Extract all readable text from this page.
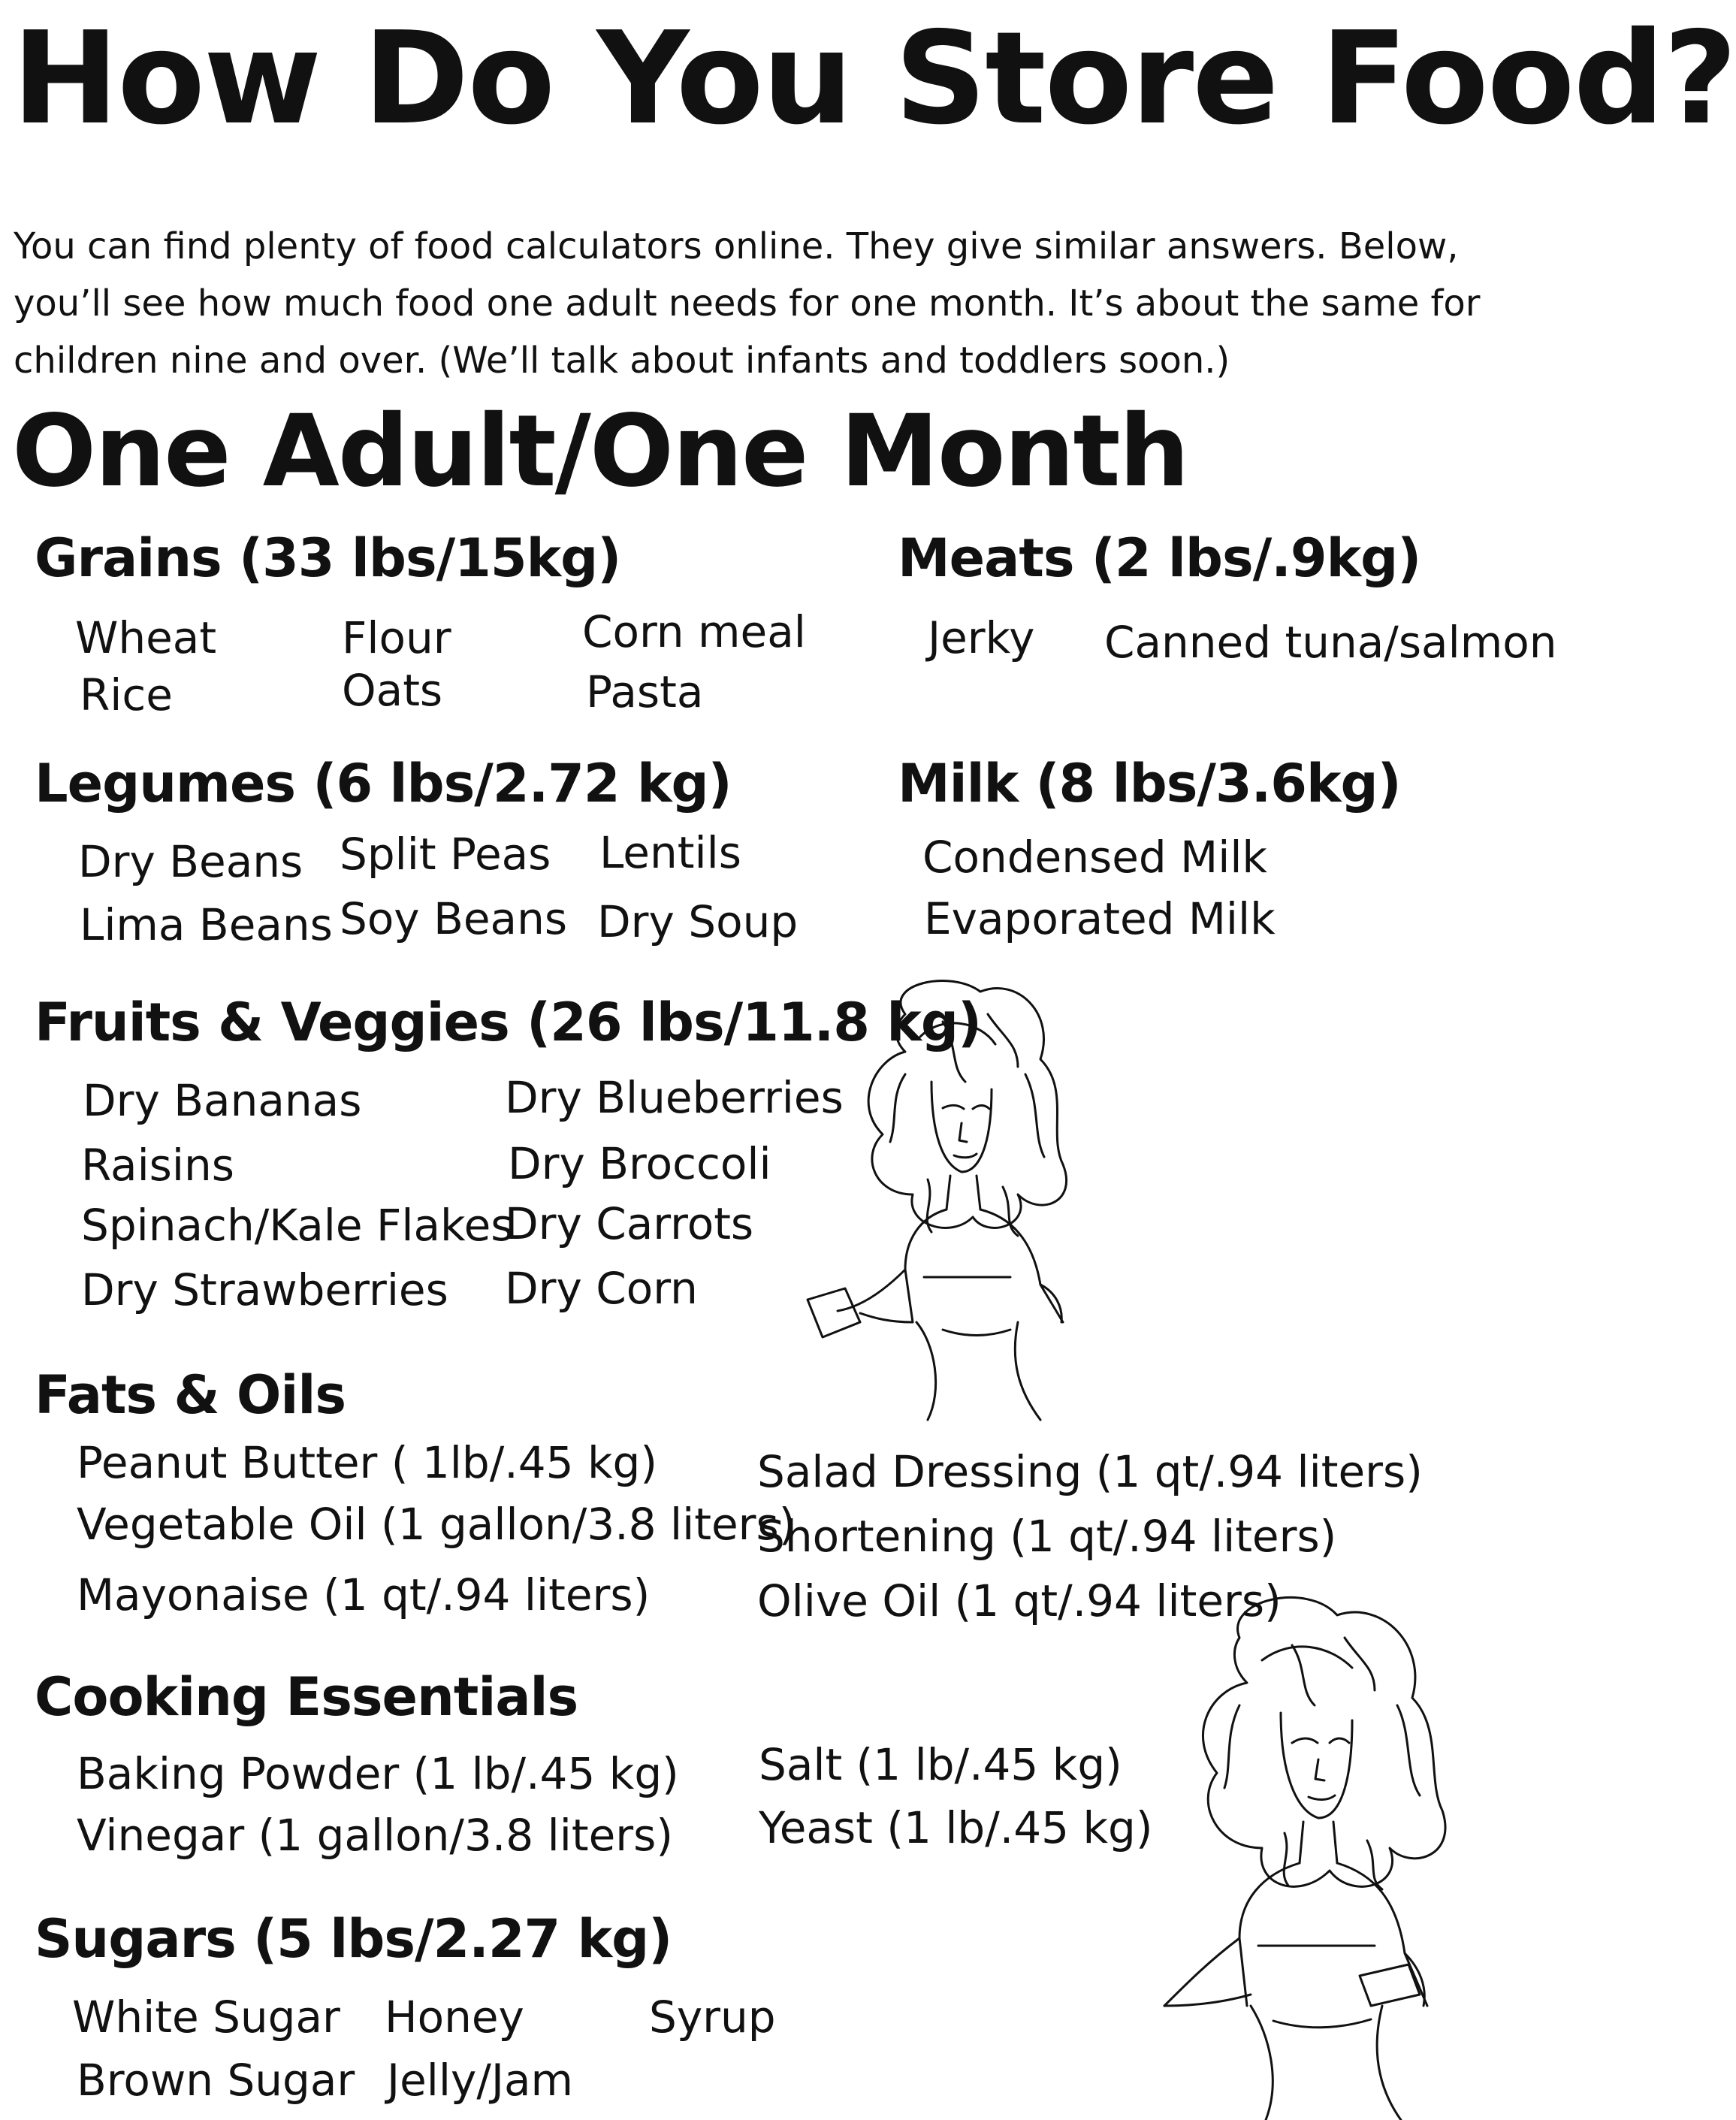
How Do You Store Food?
You can find plenty of food calculators online. They give similar answers. Below, you’ll see how much food one adult needs for one month. It’s about the same for children nine and over. (We’ll talk about infants and toddlers soon.)
One Adult/One Month
Grains (33 lbs/15kg)
Wheat
Rice
Flour
Oats
Corn meal
Pasta
Meats (2 lbs/.9kg)
Jerky Canned tuna/salmon
Legumes (6 lbs/2.72 kg)
Dry Beans
Lima Beans
Split Peas
Soy Beans
Lentils
Dry Soup
Milk (8 lbs/3.6kg)
Condensed Milk
Evaporated Milk
Fruits & Veggies (26 lbs/11.8 kg)
Dry Bananas
Raisins
Spinach/Kale Flakes
Dry Strawberries
Dry Blueberries
Dry Broccoli
Dry Carrots
Dry Corn
Fats & Oils
Peanut Butter ( 1lb/.45 kg)
Vegetable Oil (1 gallon/3.8 liters)
Mayonaise (1 qt/.94 liters)
Salad Dressing (1 qt/.94 liters)
Shortening (1 qt/.94 liters)
Olive Oil (1 qt/.94 liters)
Cooking Essentials
Baking Powder (1 lb/.45 kg)
Vinegar (1 gallon/3.8 liters)
Salt (1 lb/.45 kg)
Yeast (1 lb/.45 kg)
Sugars (5 lbs/2.27 kg)
White Sugar
Brown Sugar
Honey
Jelly/Jam
Syrup
